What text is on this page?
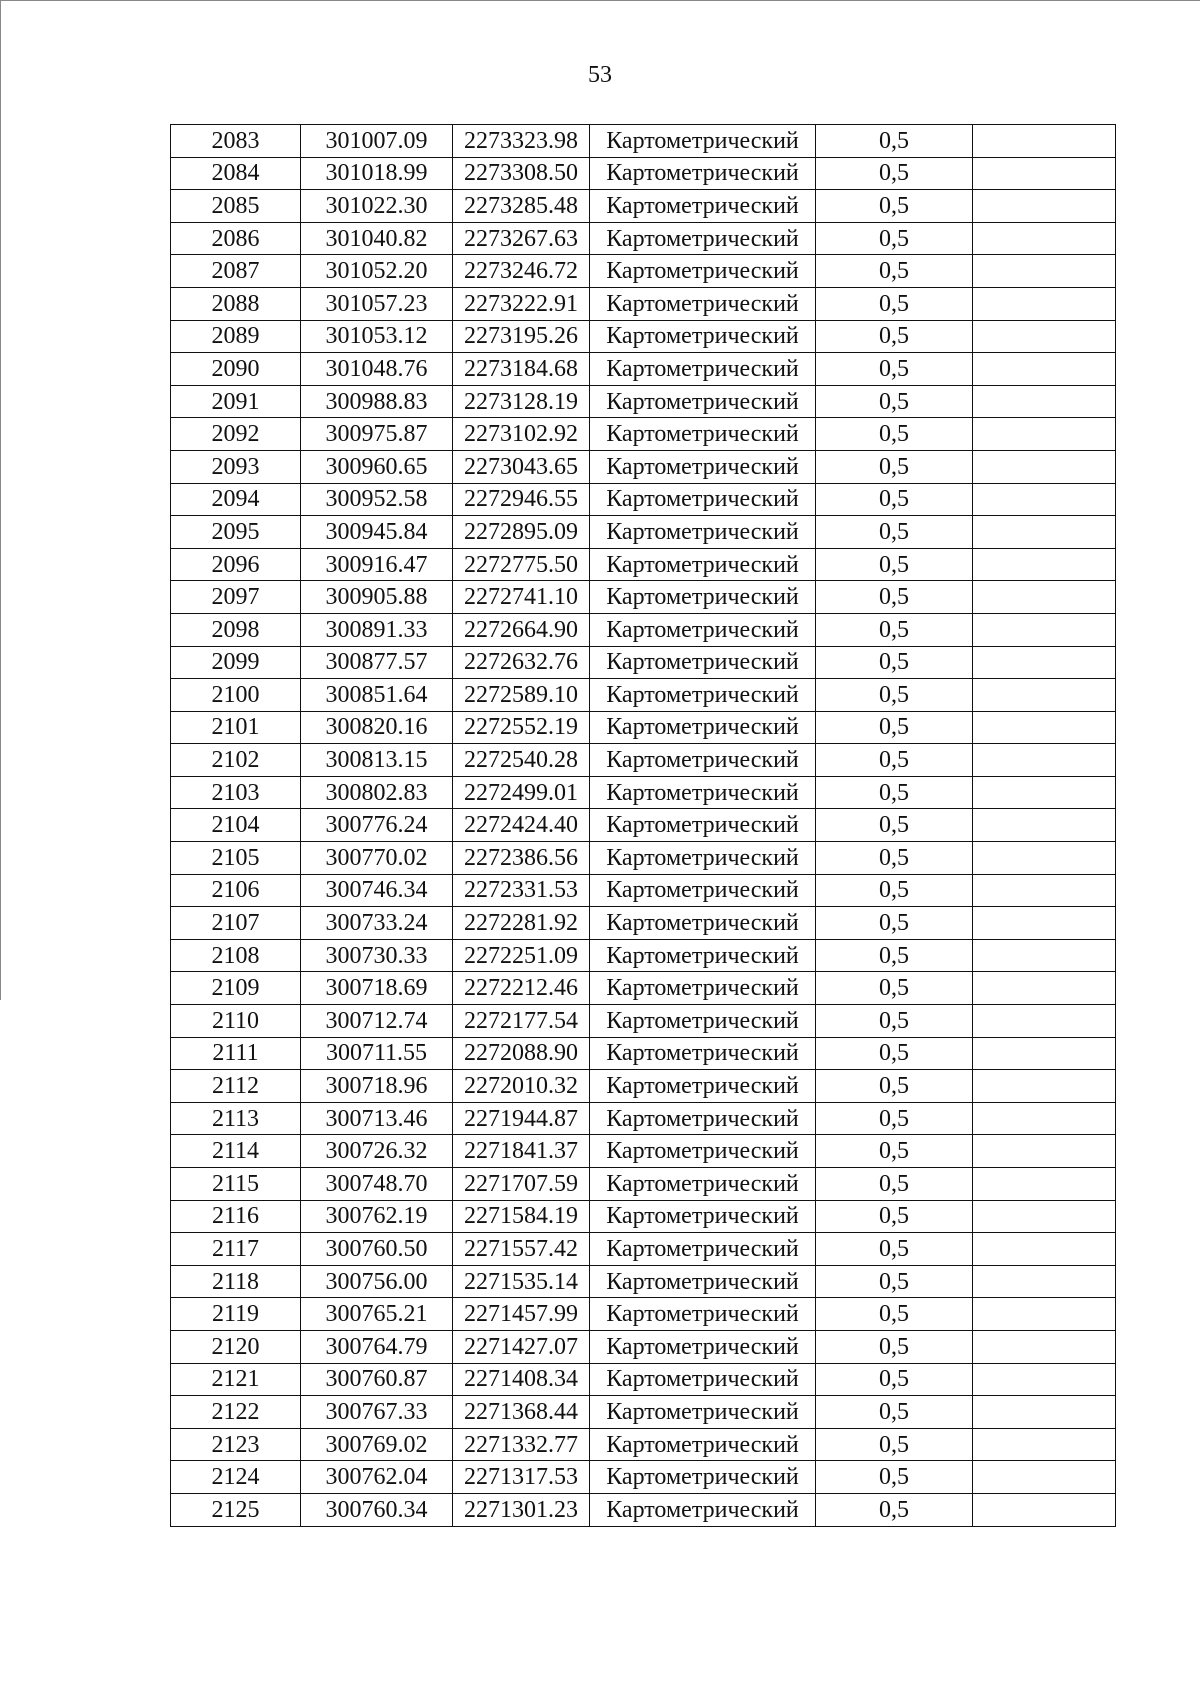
53
2083	301007.09	2273323.98	Картометрический	0,5	
2084	301018.99	2273308.50	Картометрический	0,5	
2085	301022.30	2273285.48	Картометрический	0,5	
2086	301040.82	2273267.63	Картометрический	0,5	
2087	301052.20	2273246.72	Картометрический	0,5	
2088	301057.23	2273222.91	Картометрический	0,5	
2089	301053.12	2273195.26	Картометрический	0,5	
2090	301048.76	2273184.68	Картометрический	0,5	
2091	300988.83	2273128.19	Картометрический	0,5	
2092	300975.87	2273102.92	Картометрический	0,5	
2093	300960.65	2273043.65	Картометрический	0,5	
2094	300952.58	2272946.55	Картометрический	0,5	
2095	300945.84	2272895.09	Картометрический	0,5	
2096	300916.47	2272775.50	Картометрический	0,5	
2097	300905.88	2272741.10	Картометрический	0,5	
2098	300891.33	2272664.90	Картометрический	0,5	
2099	300877.57	2272632.76	Картометрический	0,5	
2100	300851.64	2272589.10	Картометрический	0,5	
2101	300820.16	2272552.19	Картометрический	0,5	
2102	300813.15	2272540.28	Картометрический	0,5	
2103	300802.83	2272499.01	Картометрический	0,5	
2104	300776.24	2272424.40	Картометрический	0,5	
2105	300770.02	2272386.56	Картометрический	0,5	
2106	300746.34	2272331.53	Картометрический	0,5	
2107	300733.24	2272281.92	Картометрический	0,5	
2108	300730.33	2272251.09	Картометрический	0,5	
2109	300718.69	2272212.46	Картометрический	0,5	
2110	300712.74	2272177.54	Картометрический	0,5	
2111	300711.55	2272088.90	Картометрический	0,5	
2112	300718.96	2272010.32	Картометрический	0,5	
2113	300713.46	2271944.87	Картометрический	0,5	
2114	300726.32	2271841.37	Картометрический	0,5	
2115	300748.70	2271707.59	Картометрический	0,5	
2116	300762.19	2271584.19	Картометрический	0,5	
2117	300760.50	2271557.42	Картометрический	0,5	
2118	300756.00	2271535.14	Картометрический	0,5	
2119	300765.21	2271457.99	Картометрический	0,5	
2120	300764.79	2271427.07	Картометрический	0,5	
2121	300760.87	2271408.34	Картометрический	0,5	
2122	300767.33	2271368.44	Картометрический	0,5	
2123	300769.02	2271332.77	Картометрический	0,5	
2124	300762.04	2271317.53	Картометрический	0,5	
2125	300760.34	2271301.23	Картометрический	0,5	
